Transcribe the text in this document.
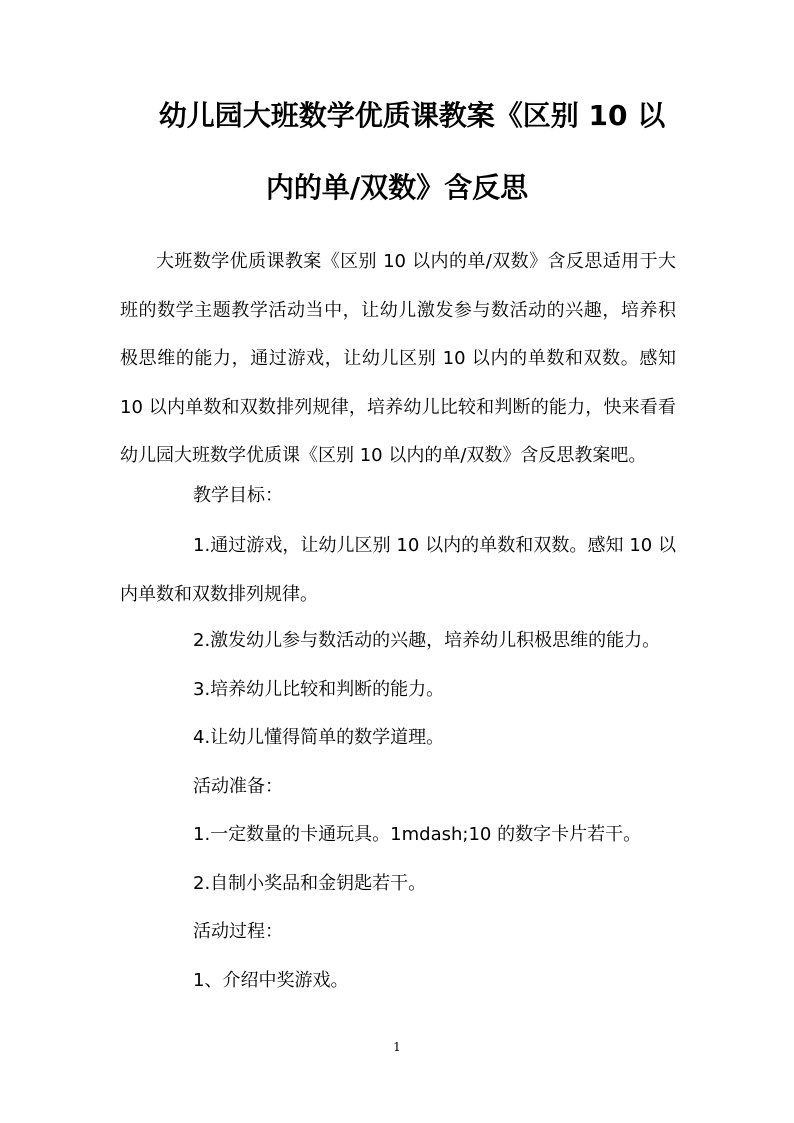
幼儿园大班数学优质课教案《区别 10 以
内的单/双数》含反思

大班数学优质课教案《区别 10 以内的单/双数》含反思适用于大班的数学主题教学活动当中，让幼儿激发参与数活动的兴趣，培养积极思维的能力，通过游戏，让幼儿区别 10 以内的单数和双数。感知 10 以内单数和双数排列规律，培养幼儿比较和判断的能力，快来看看幼儿园大班数学优质课《区别 10 以内的单/双数》含反思教案吧。

教学目标：

1.通过游戏，让幼儿区别 10 以内的单数和双数。感知 10 以内单数和双数排列规律。

2.激发幼儿参与数活动的兴趣，培养幼儿积极思维的能力。

3.培养幼儿比较和判断的能力。

4.让幼儿懂得简单的数学道理。

活动准备：

1.一定数量的卡通玩具。1mdash;10 的数字卡片若干。

2.自制小奖品和金钥匙若干。

活动过程：

1、介绍中奖游戏。

1
